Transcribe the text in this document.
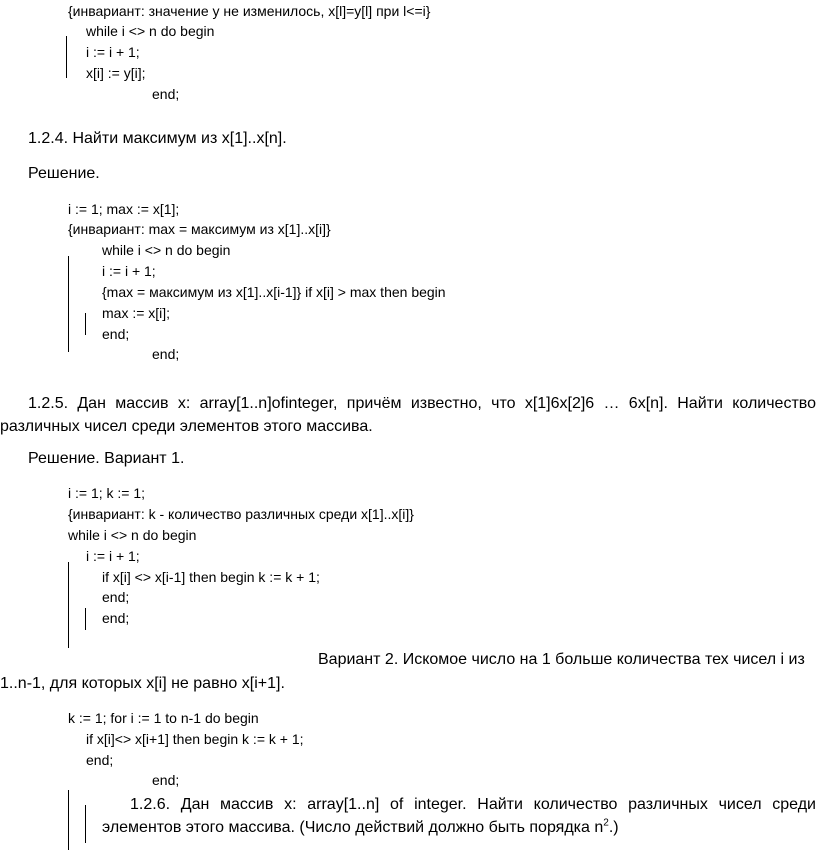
{инвариант: значение y не изменилось, x[l]=y[l] при l<=i}
while i <> n do begin
i := i + 1;
x[i] := y[i];
end;
1.2.4. Найти максимум из x[1]..x[n].
Решение.
i := 1; max := x[1];
{инвариант: max = максимум из x[1]..x[i]}
while i <> n do begin
i := i + 1;
{max = максимум из x[1]..x[i-1]} if x[i] > max then begin
max := x[i];
end;
end;
1.2.5. Дан массив x: array[1..n]ofinteger, причём известно, что x[1]6x[2]6 … 6x[n]. Найти количество
различных чисел среди элементов этого массива.
Решение. Вариант 1.
i := 1; k := 1;
{инвариант: k - количество различных среди x[1]..x[i]}
while i <> n do begin
i := i + 1;
if x[i] <> x[i-1] then begin k := k + 1;
end;
end;
Вариант 2. Искомое число на 1 больше количества тех чисел i из
1..n-1, для которых x[i] не равно x[i+1].
k := 1; for i := 1 to n-1 do begin
if x[i]<> x[i+1] then begin k := k + 1;
end;
end;
1.2.6. Дан массив x: array[1..n] of integer. Найти количество различных чисел среди
элементов этого массива. (Число действий должно быть порядка $n^2$.)
